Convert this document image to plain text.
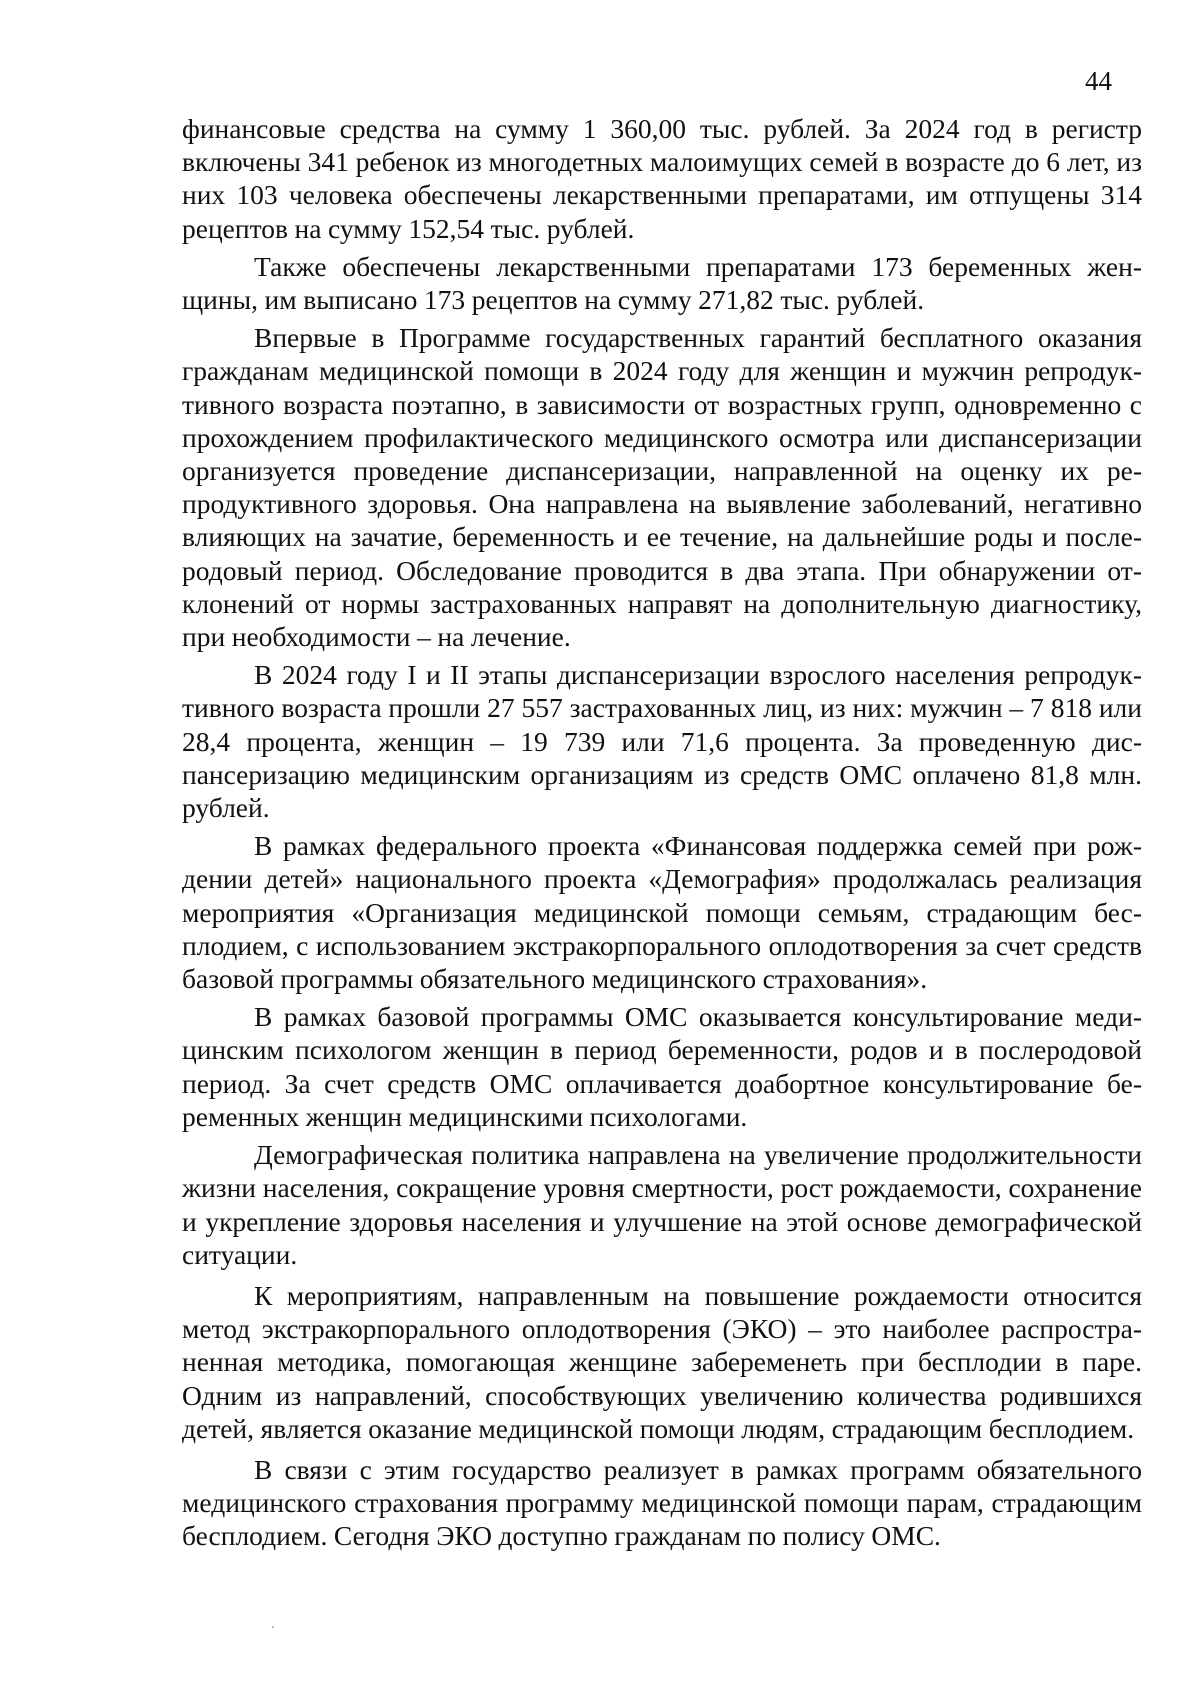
44

финансовые средства на сумму 1 360,00 тыс. рублей. За 2024 год в регистр включены 341 ребенок из многодетных малоимущих семей в возрасте до 6 лет, из них 103 человека обеспечены лекарственными препаратами, им отпущены 314 рецептов на сумму 152,54 тыс. рублей.

Также обеспечены лекарственными препаратами 173 беременных женщины, им выписано 173 рецептов на сумму 271,82 тыс. рублей.

Впервые в Программе государственных гарантий бесплатного оказания гражданам медицинской помощи в 2024 году для женщин и мужчин репродуктивного возраста поэтапно, в зависимости от возрастных групп, одновременно с прохождением профилактического медицинского осмотра или диспансеризации организуется проведение диспансеризации, направленной на оценку их репродуктивного здоровья. Она направлена на выявление заболеваний, негативно влияющих на зачатие, беременность и ее течение, на дальнейшие роды и послеродовый период. Обследование проводится в два этапа. При обнаружении отклонений от нормы застрахованных направят на дополнительную диагностику, при необходимости – на лечение.

В 2024 году I и II этапы диспансеризации взрослого населения репродуктивного возраста прошли 27 557 застрахованных лиц, из них: мужчин – 7 818 или 28,4 процента, женщин – 19 739 или 71,6 процента. За проведенную диспансеризацию медицинским организациям из средств ОМС оплачено 81,8 млн. рублей.

В рамках федерального проекта «Финансовая поддержка семей при рождении детей» национального проекта «Демография» продолжалась реализация мероприятия «Организация медицинской помощи семьям, страдающим бесплодием, с использованием экстракорпорального оплодотворения за счет средств базовой программы обязательного медицинского страхования».

В рамках базовой программы ОМС оказывается консультирование медицинским психологом женщин в период беременности, родов и в послеродовой период. За счет средств ОМС оплачивается доабортное консультирование беременных женщин медицинскими психологами.

Демографическая политика направлена на увеличение продолжительности жизни населения, сокращение уровня смертности, рост рождаемости, сохранение и укрепление здоровья населения и улучшение на этой основе демографической ситуации.

К мероприятиям, направленным на повышение рождаемости относится метод экстракорпорального оплодотворения (ЭКО) – это наиболее распространенная методика, помогающая женщине забеременеть при бесплодии в паре. Одним из направлений, способствующих увеличению количества родившихся детей, является оказание медицинской помощи людям, страдающим бесплодием.

В связи с этим государство реализует в рамках программ обязательного медицинского страхования программу медицинской помощи парам, страдающим бесплодием. Сегодня ЭКО доступно гражданам по полису ОМС.
